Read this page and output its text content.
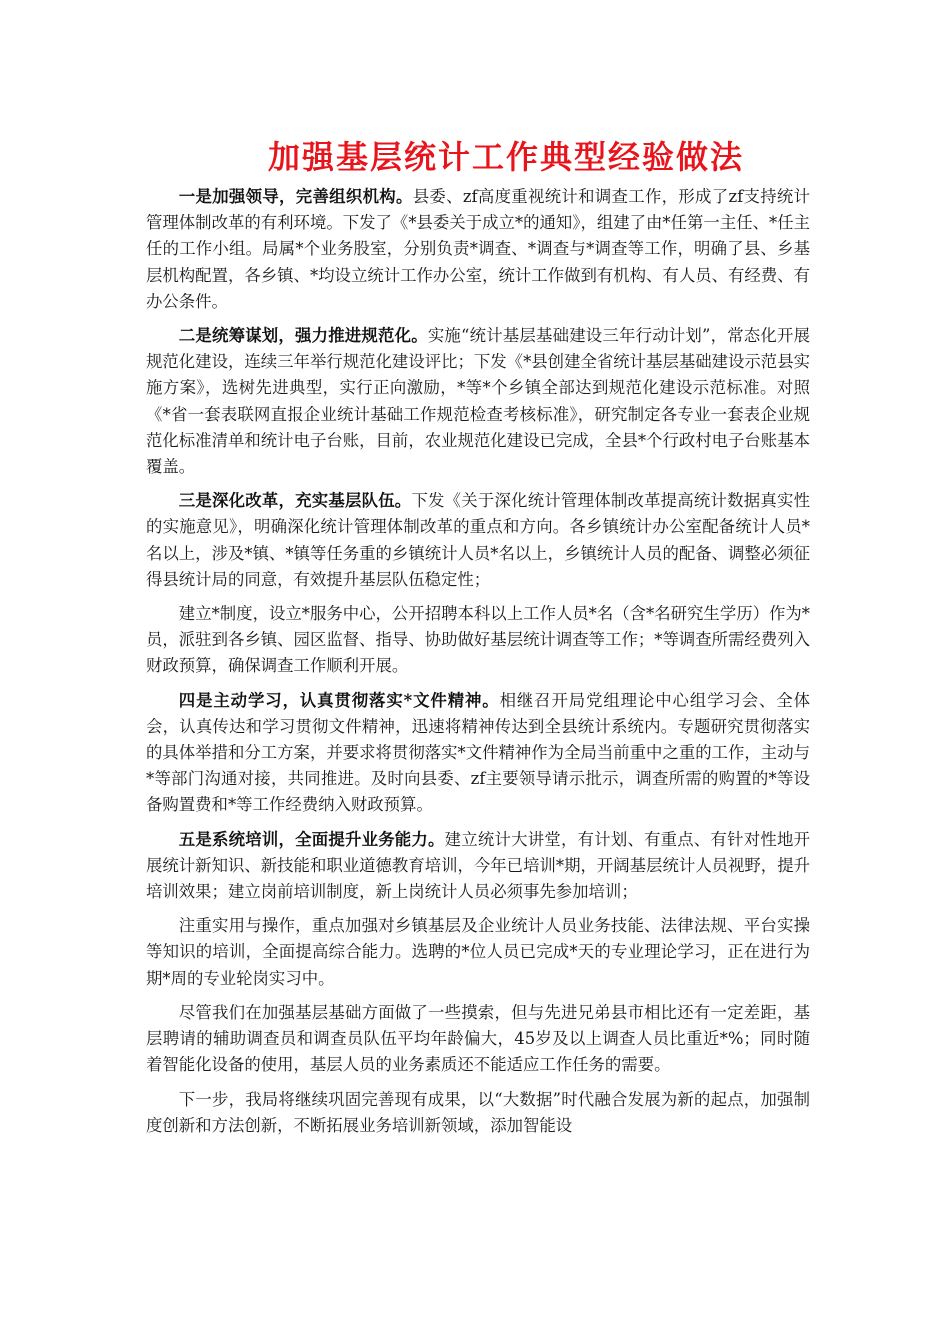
加强基层统计工作典型经验做法

一是加强领导，完善组织机构。县委、zf高度重视统计和调查工作，形成了zf支持统计管理体制改革的有利环境。下发了《*县委关于成立*的通知》，组建了由*任第一主任、*任主任的工作小组。局属*个业务股室，分别负责*调查、*调查与*调查等工作，明确了县、乡基层机构配置，各乡镇、*均设立统计工作办公室，统计工作做到有机构、有人员、有经费、有办公条件。

二是统筹谋划，强力推进规范化。实施“统计基层基础建设三年行动计划”，常态化开展规范化建设，连续三年举行规范化建设评比；下发《*县创建全省统计基层基础建设示范县实施方案》，选树先进典型，实行正向激励，*等*个乡镇全部达到规范化建设示范标准。对照《*省一套表联网直报企业统计基础工作规范检查考核标准》，研究制定各专业一套表企业规范化标准清单和统计电子台账，目前，农业规范化建设已完成，全县*个行政村电子台账基本覆盖。

三是深化改革，充实基层队伍。下发《关于深化统计管理体制改革提高统计数据真实性的实施意见》，明确深化统计管理体制改革的重点和方向。各乡镇统计办公室配备统计人员*名以上，涉及*镇、*镇等任务重的乡镇统计人员*名以上，乡镇统计人员的配备、调整必须征得县统计局的同意，有效提升基层队伍稳定性；

建立*制度，设立*服务中心，公开招聘本科以上工作人员*名（含*名研究生学历）作为*员，派驻到各乡镇、园区监督、指导、协助做好基层统计调查等工作；*等调查所需经费列入财政预算，确保调查工作顺利开展。

四是主动学习，认真贯彻落实*文件精神。相继召开局党组理论中心组学习会、全体会，认真传达和学习贯彻文件精神，迅速将精神传达到全县统计系统内。专题研究贯彻落实的具体举措和分工方案，并要求将贯彻落实*文件精神作为全局当前重中之重的工作，主动与*等部门沟通对接，共同推进。及时向县委、zf主要领导请示批示，调查所需的购置的*等设备购置费和*等工作经费纳入财政预算。

五是系统培训，全面提升业务能力。建立统计大讲堂，有计划、有重点、有针对性地开展统计新知识、新技能和职业道德教育培训，今年已培训*期，开阔基层统计人员视野，提升培训效果；建立岗前培训制度，新上岗统计人员必须事先参加培训；

注重实用与操作，重点加强对乡镇基层及企业统计人员业务技能、法律法规、平台实操等知识的培训，全面提高综合能力。选聘的*位人员已完成*天的专业理论学习，正在进行为期*周的专业轮岗实习中。

尽管我们在加强基层基础方面做了一些摸索，但与先进兄弟县市相比还有一定差距，基层聘请的辅助调查员和调查员队伍平均年龄偏大，45岁及以上调查人员比重近*%；同时随着智能化设备的使用，基层人员的业务素质还不能适应工作任务的需要。

下一步，我局将继续巩固完善现有成果，以“大数据”时代融合发展为新的起点，加强制度创新和方法创新，不断拓展业务培训新领域，添加智能设
